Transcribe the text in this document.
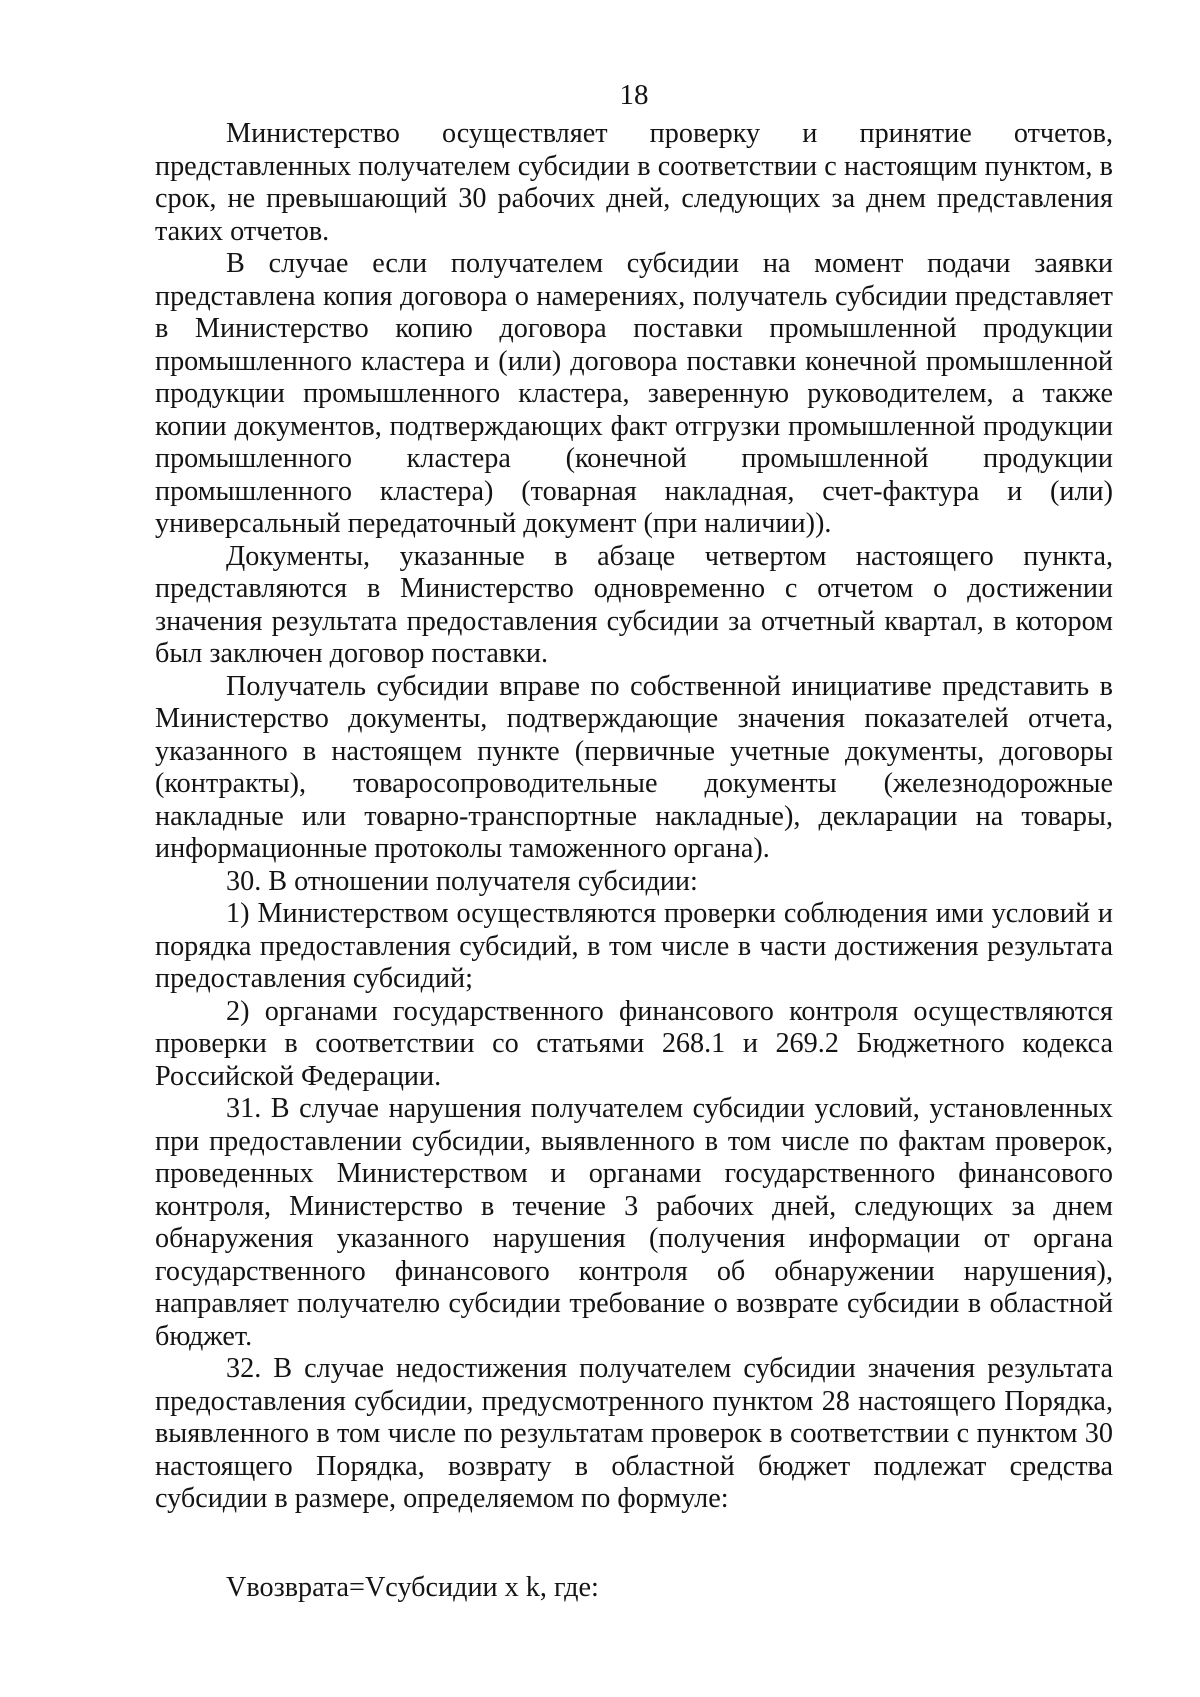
18

Министерство осуществляет проверку и принятие отчетов, представленных получателем субсидии в соответствии с настоящим пунктом, в срок, не превышающий 30 рабочих дней, следующих за днем представления таких отчетов.

В случае если получателем субсидии на момент подачи заявки представлена копия договора о намерениях, получатель субсидии представляет в Министерство копию договора поставки промышленной продукции промышленного кластера и (или) договора поставки конечной промышленной продукции промышленного кластера, заверенную руководителем, а также копии документов, подтверждающих факт отгрузки промышленной продукции промышленного кластера (конечной промышленной продукции промышленного кластера) (товарная накладная, счет-фактура и (или) универсальный передаточный документ (при наличии)).

Документы, указанные в абзаце четвертом настоящего пункта, представляются в Министерство одновременно с отчетом о достижении значения результата предоставления субсидии за отчетный квартал, в котором был заключен договор поставки.

Получатель субсидии вправе по собственной инициативе представить в Министерство документы, подтверждающие значения показателей отчета, указанного в настоящем пункте (первичные учетные документы, договоры (контракты), товаросопроводительные документы (железнодорожные накладные или товарно-транспортные накладные), декларации на товары, информационные протоколы таможенного органа).

30. В отношении получателя субсидии:

1) Министерством осуществляются проверки соблюдения ими условий и порядка предоставления субсидий, в том числе в части достижения результата предоставления субсидий;

2) органами государственного финансового контроля осуществляются проверки в соответствии со статьями 268.1 и 269.2 Бюджетного кодекса Российской Федерации.

31. В случае нарушения получателем субсидии условий, установленных при предоставлении субсидии, выявленного в том числе по фактам проверок, проведенных Министерством и органами государственного финансового контроля, Министерство в течение 3 рабочих дней, следующих за днем обнаружения указанного нарушения (получения информации от органа государственного финансового контроля об обнаружении нарушения), направляет получателю субсидии требование о возврате субсидии в областной бюджет.

32. В случае недостижения получателем субсидии значения результата предоставления субсидии, предусмотренного пунктом 28 настоящего Порядка, выявленного в том числе по результатам проверок в соответствии с пунктом 30 настоящего Порядка, возврату в областной бюджет подлежат средства субсидии в размере, определяемом по формуле:

Vвозврата=Vсубсидии x k, где:
